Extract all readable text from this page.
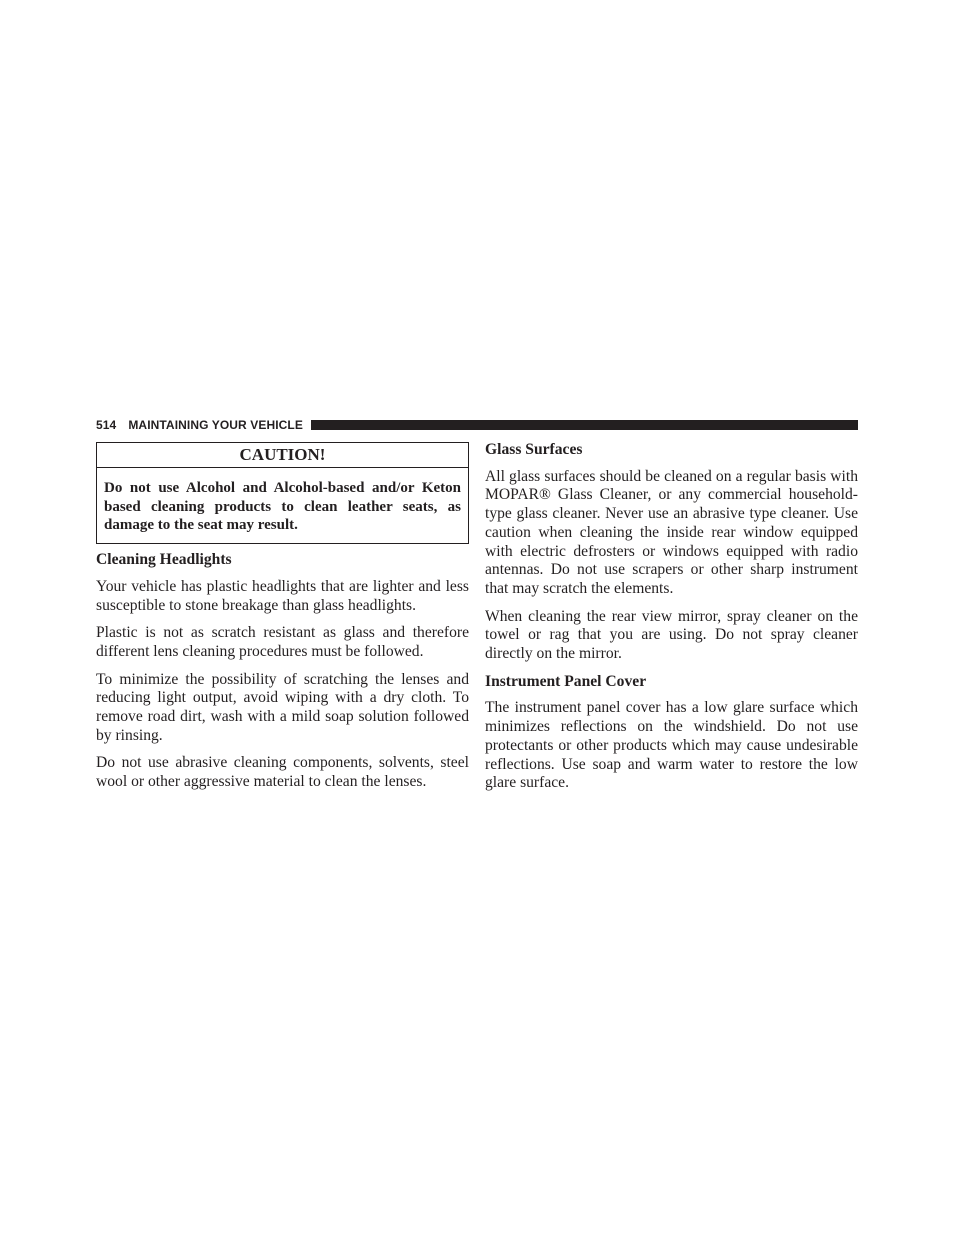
514 MAINTAINING YOUR VEHICLE
CAUTION!
Do not use Alcohol and Alcohol-based and/or Keton based cleaning products to clean leather seats, as damage to the seat may result.

Cleaning Headlights

Your vehicle has plastic headlights that are lighter and less susceptible to stone breakage than glass headlights.

Plastic is not as scratch resistant as glass and therefore different lens cleaning procedures must be followed.

To minimize the possibility of scratching the lenses and reducing light output, avoid wiping with a dry cloth. To remove road dirt, wash with a mild soap solution followed by rinsing.

Do not use abrasive cleaning components, solvents, steel wool or other aggressive material to clean the lenses.

Glass Surfaces

All glass surfaces should be cleaned on a regular basis with MOPAR® Glass Cleaner, or any commercial household-type glass cleaner. Never use an abrasive type cleaner. Use caution when cleaning the inside rear window equipped with electric defrosters or windows equipped with radio antennas. Do not use scrapers or other sharp instrument that may scratch the elements.

When cleaning the rear view mirror, spray cleaner on the towel or rag that you are using. Do not spray cleaner directly on the mirror.

Instrument Panel Cover

The instrument panel cover has a low glare surface which minimizes reflections on the windshield. Do not use protectants or other products which may cause undesirable reflections. Use soap and warm water to restore the low glare surface.
